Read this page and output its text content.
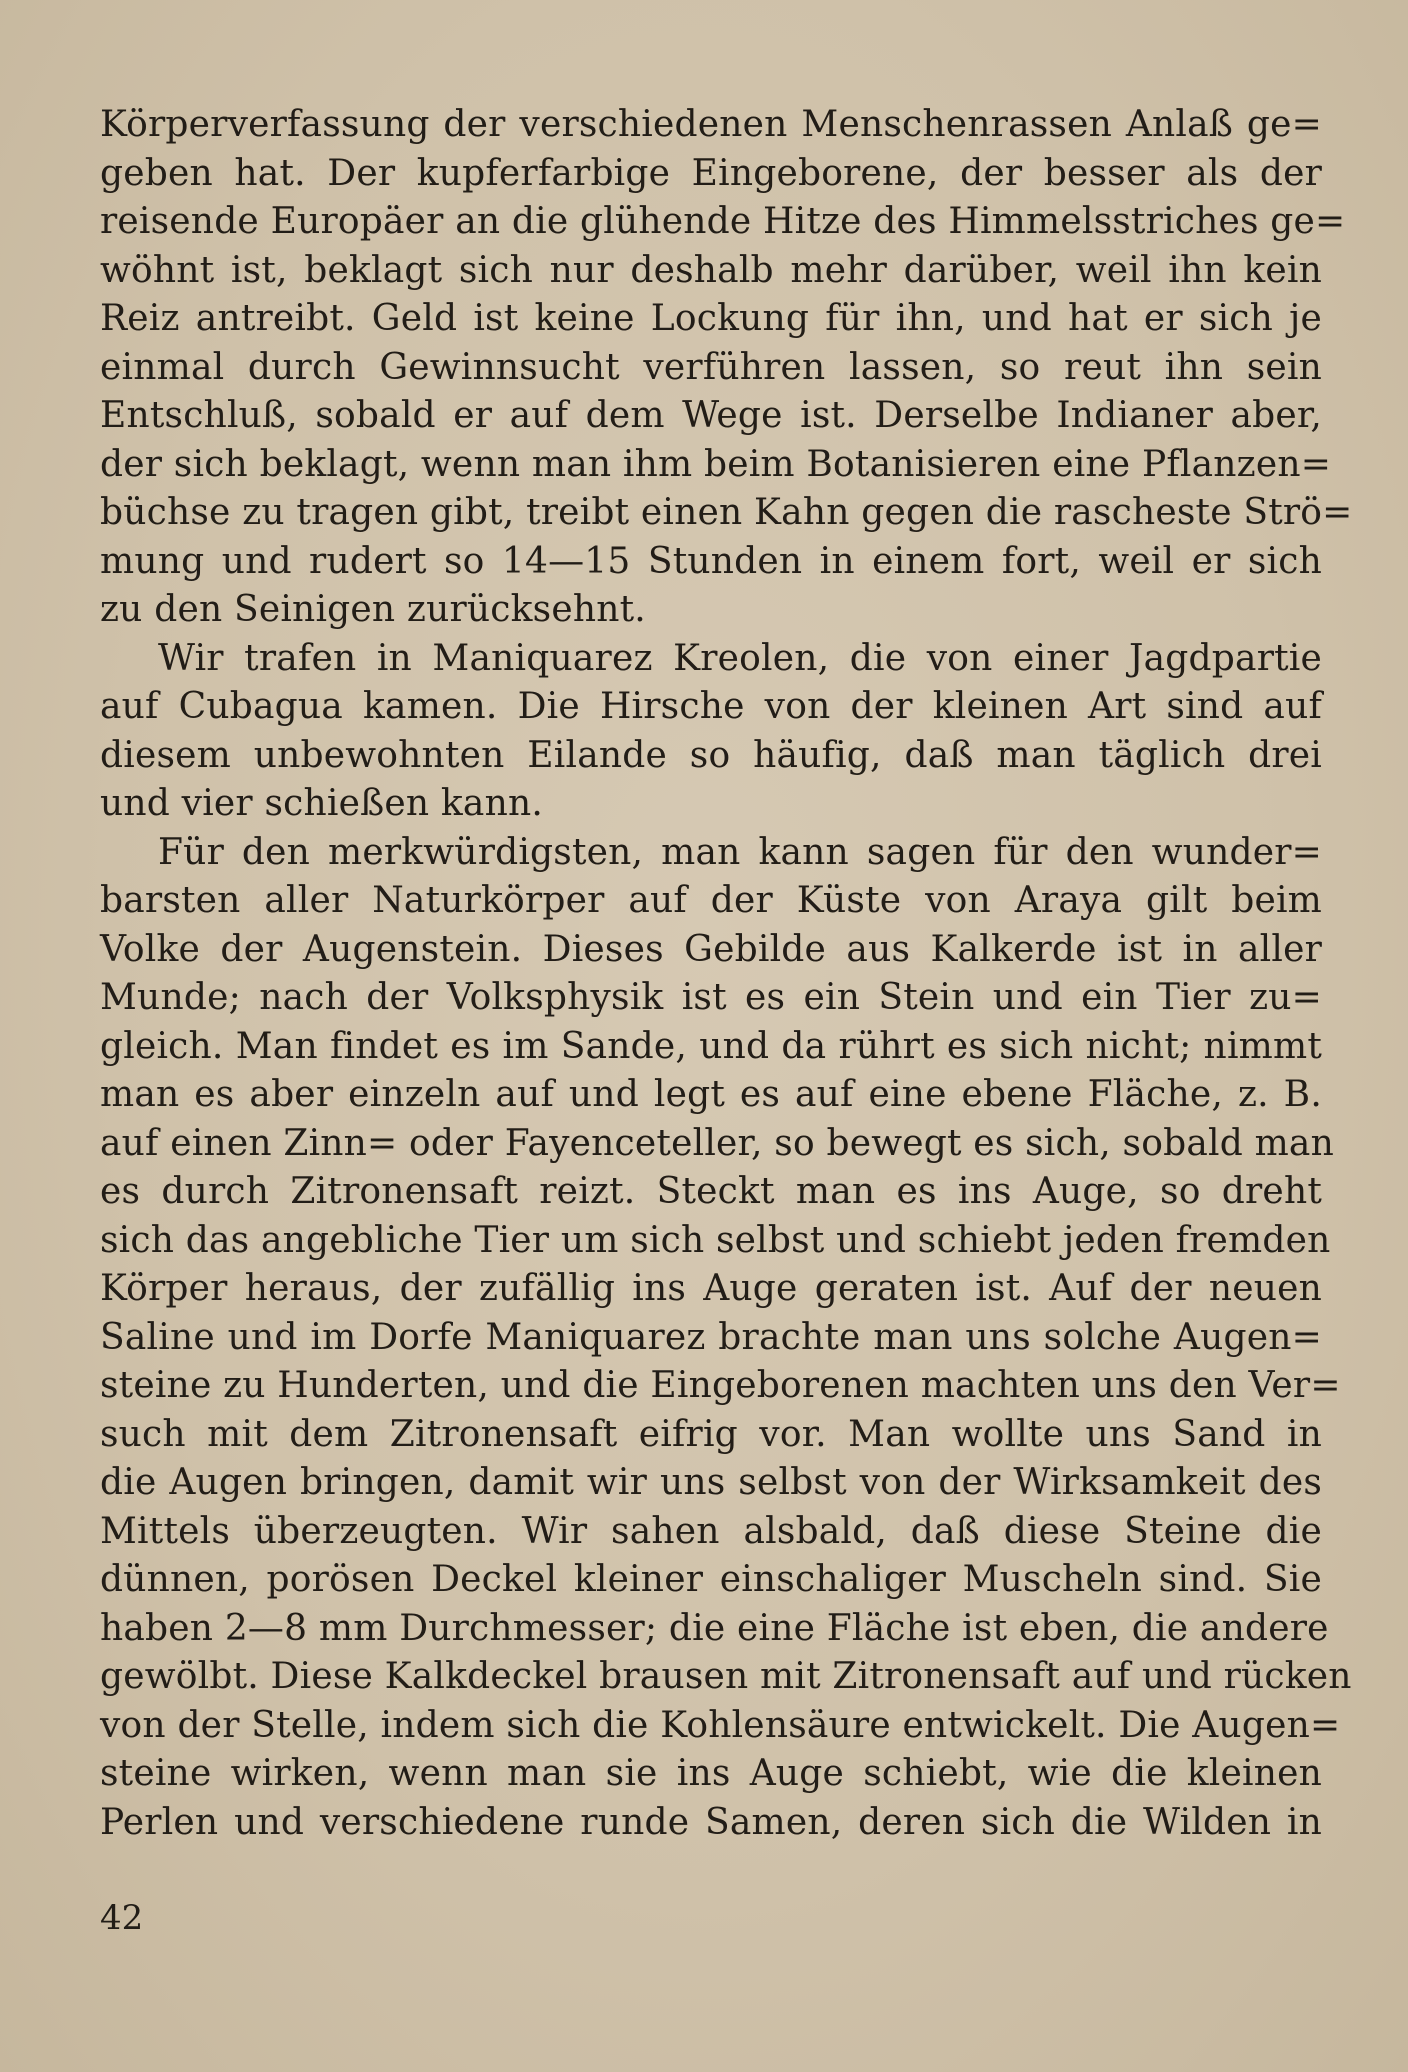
Körperverfassung der verschiedenen Menschenrassen Anlaß ge=
geben hat. Der kupferfarbige Eingeborene, der besser als der
reisende Europäer an die glühende Hitze des Himmelsstriches ge=
wöhnt ist, beklagt sich nur deshalb mehr darüber, weil ihn kein
Reiz antreibt. Geld ist keine Lockung für ihn, und hat er sich je
einmal durch Gewinnsucht verführen lassen, so reut ihn sein
Entschluß, sobald er auf dem Wege ist. Derselbe Indianer aber,
der sich beklagt, wenn man ihm beim Botanisieren eine Pflanzen=
büchse zu tragen gibt, treibt einen Kahn gegen die rascheste Strö=
mung und rudert so 14—15 Stunden in einem fort, weil er sich
zu den Seinigen zurücksehnt.
Wir trafen in Maniquarez Kreolen, die von einer Jagdpartie
auf Cubagua kamen. Die Hirsche von der kleinen Art sind auf
diesem unbewohnten Eilande so häufig, daß man täglich drei
und vier schießen kann.
Für den merkwürdigsten, man kann sagen für den wunder=
barsten aller Naturkörper auf der Küste von Araya gilt beim
Volke der Augenstein. Dieses Gebilde aus Kalkerde ist in aller
Munde; nach der Volksphysik ist es ein Stein und ein Tier zu=
gleich. Man findet es im Sande, und da rührt es sich nicht; nimmt
man es aber einzeln auf und legt es auf eine ebene Fläche, z. B.
auf einen Zinn= oder Fayenceteller, so bewegt es sich, sobald man
es durch Zitronensaft reizt. Steckt man es ins Auge, so dreht
sich das angebliche Tier um sich selbst und schiebt jeden fremden
Körper heraus, der zufällig ins Auge geraten ist. Auf der neuen
Saline und im Dorfe Maniquarez brachte man uns solche Augen=
steine zu Hunderten, und die Eingeborenen machten uns den Ver=
such mit dem Zitronensaft eifrig vor. Man wollte uns Sand in
die Augen bringen, damit wir uns selbst von der Wirksamkeit des
Mittels überzeugten. Wir sahen alsbald, daß diese Steine die
dünnen, porösen Deckel kleiner einschaliger Muscheln sind. Sie
haben 2—8 mm Durchmesser; die eine Fläche ist eben, die andere
gewölbt. Diese Kalkdeckel brausen mit Zitronensaft auf und rücken
von der Stelle, indem sich die Kohlensäure entwickelt. Die Augen=
steine wirken, wenn man sie ins Auge schiebt, wie die kleinen
Perlen und verschiedene runde Samen, deren sich die Wilden in
42
